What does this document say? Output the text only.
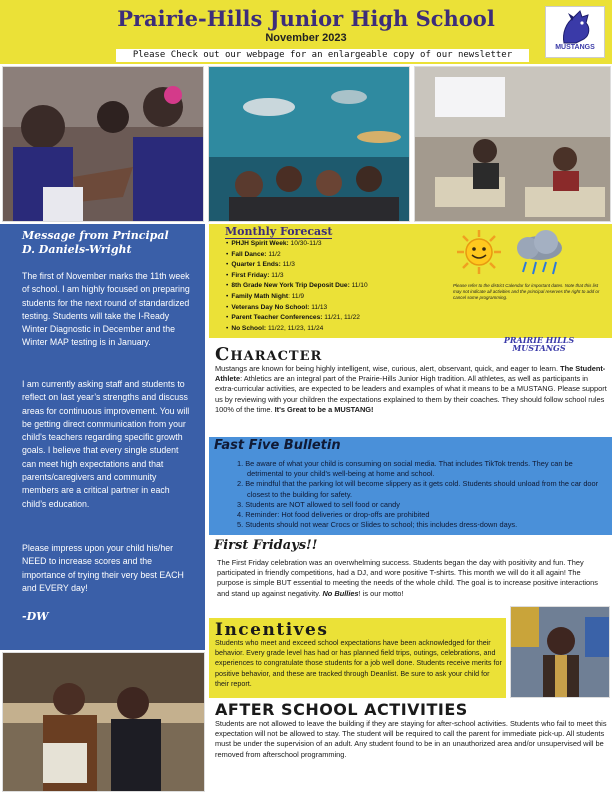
Prairie-Hills Junior High School
November 2023
Please Check out our webpage for an enlargeable copy of our newsletter
MUSTANGS
Message from Principal
D. Daniels-Wright
The first of November marks the 11th week of school. I am highly focused on preparing students for the next round of standardized testing. Students will take the I-Ready Winter Diagnostic in December and the Winter MAP testing is in January.
I am currently asking staff and students to reflect on last year’s strengths and discuss areas for continuous improvement. You will be getting direct communication from your child's teachers regarding specific growth goals. I believe that every single student can meet high expectations and that parents/caregivers and community members are a critical partner in each child’s education.
Please impress upon your child his/her NEED to increase scores and the importance of trying their very best EACH and EVERY day!
-DW
Monthly Forecast
• PHJH Spirit Week: 10/30-11/3
• Fall Dance: 11/2
• Quarter 1 Ends: 11/3
• First Friday: 11/3
• 8th Grade New York Trip Deposit Due: 11/10
• Family Math Night: 11/9
• Veterans Day No School: 11/13
• Parent Teacher Conferences: 11/21, 11/22
• No School: 11/22, 11/23, 11/24
Please refer to the district Calendar for important dates. Note that this list may not indicate all activities and the principal reserves the right to add or cancel some programming.
Character
PRAIRIE HILLS
MUSTANGS
Mustangs are known for being highly intelligent, wise, curious, alert, observant, quick, and eager to learn. The Student-Athlete: Athletics are an integral part of the Prairie-Hills Junior High tradition. All athletes, as well as participants in extra-curricular activities, are expected to be leaders and examples of what it means to be a MUSTANG. Please support us by reviewing with your children the expectations explained to them by their coaches. They should follow school rules 100% of the time. It's Great to be a MUSTANG!
Fast Five Bulletin
1. Be aware of what your child is consuming on social media. That includes TikTok trends. They can be detrimental to your child's well-being at home and school.
2. Be mindful that the parking lot will become slippery as it gets cold. Students should unload from the car door closest to the building for safety.
3. Students are NOT allowed to sell food or candy
4. Reminder: Hot food deliveries or drop-offs are prohibited
5. Students should not wear Crocs or Slides to school; this includes dress-down days.
First Fridays!!
The First Friday celebration was an overwhelming success. Students began the day with positivity and fun. They participated in friendly competitions, had a DJ, and wore positive T-shirts. This month we will do it all again! The purpose is simple BUT essential to meeting the needs of the whole child. The goal is to increase positive interactions and stand up against negativity. No Bullies! is our motto!
Incentives
Students who meet and exceed school expectations have been acknowledged for their behavior. Every grade level has had or has planned field trips, outings, celebrations, and experiences to congratulate those students for a job well done. Students receive merits for positive behavior, and these are tracked through Deanlist. Be sure to ask your child for their report.
AFTER SCHOOL ACTIVITIES
Students are not allowed to leave the building if they are staying for after-school activities. Students who fail to meet this expectation will not be allowed to stay. The student will be required to call the parent for immediate pick-up. All students must be under the supervision of an adult. Any student found to be in an unauthorized area and/or unsupervised will be removed from afterschool programming.
